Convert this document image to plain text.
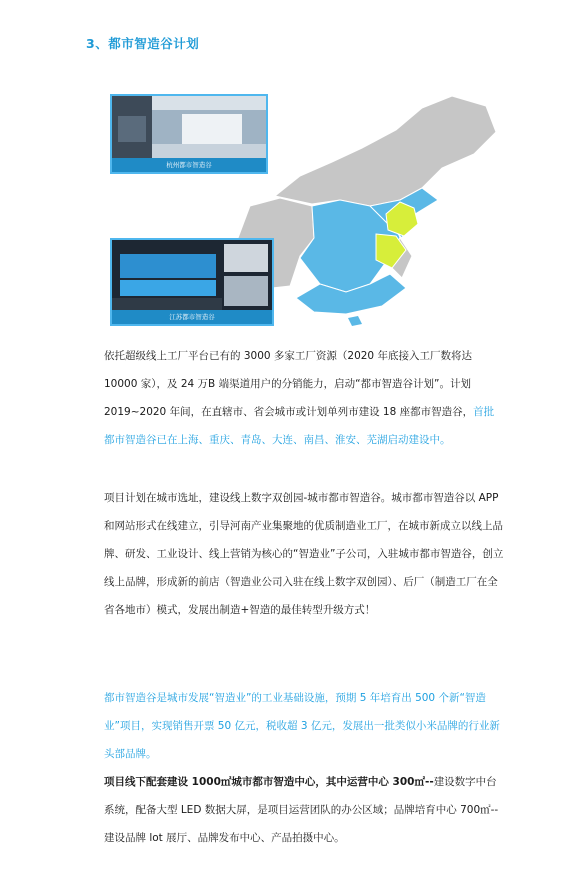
3、都市智造谷计划
杭州都市智造谷
江苏都市智造谷

依托超级线上工厂平台已有的 3000 多家工厂资源（2020 年底接入工厂数将达 10000 家），及 24 万B 端渠道用户的分销能力，启动“都市智造谷计划”。计划 2019~2020 年间，在直辖市、省会城市或计划单列市建设 18 座都市智造谷，首批都市智造谷已在上海、重庆、青岛、大连、南昌、淮安、芜湖启动建设中。

项目计划在城市选址，建设线上数字双创园-城市都市智造谷。城市都市智造谷以 APP 和网站形式在线建立，引导河南产业集聚地的优质制造业工厂，在城市新成立以线上品牌、研发、工业设计、线上营销为核心的“智造业”子公司，入驻城市都市智造谷，创立线上品牌，形成新的前店（智造业公司入驻在线上数字双创园）、后厂（制造工厂在全省各地市）模式，发展出制造+智造的最佳转型升级方式！

都市智造谷是城市发展“智造业”的工业基础设施，预期 5 年培育出 500 个新“智造业”项目，实现销售开票 50 亿元，税收超 3 亿元，发展出一批类似小米品牌的行业新头部品牌。

项目线下配套建设 1000㎡城市都市智造中心，其中运营中心 300㎡--建设数字中台系统，配备大型 LED 数据大屏，是项目运营团队的办公区域；品牌培育中心 700㎡--建设品牌 lot 展厅、品牌发布中心、产品拍摄中心。
